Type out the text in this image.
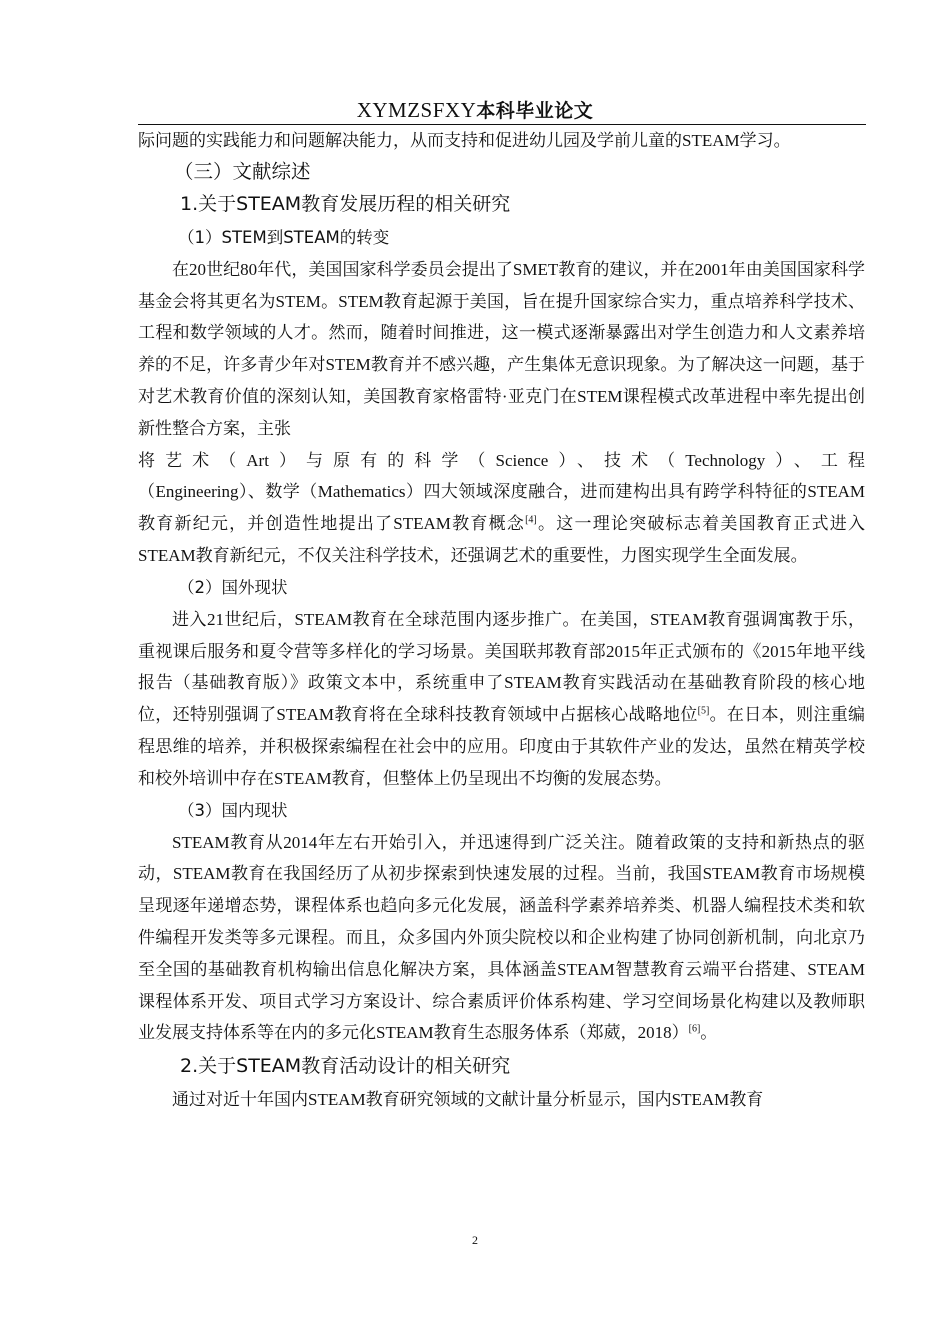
XYMZSFXY本科毕业论文

际问题的实践能力和问题解决能力，从而支持和促进幼儿园及学前儿童的STEAM学习。

（三）文献综述

1.关于STEAM教育发展历程的相关研究

（1）STEM到STEAM的转变

在20世纪80年代，美国国家科学委员会提出了SMET教育的建议，并在2001年由美国国家科学基金会将其更名为STEM。STEM教育起源于美国，旨在提升国家综合实力，重点培养科学技术、工程和数学领域的人才。然而，随着时间推进，这一模式逐渐暴露出对学生创造力和人文素养培养的不足，许多青少年对STEM教育并不感兴趣，产生集体无意识现象。为了解决这一问题，基于对艺术教育价值的深刻认知，美国教育家格雷特·亚克门在STEM课程模式改革进程中率先提出创新性整合方案，主张

将艺术（Art）与原有的科学（Science）、技术（Technology）、工程

（Engineering）、数学（Mathematics）四大领域深度融合，进而建构出具有跨学科特征的STEAM教育新纪元，并创造性地提出了STEAM教育概念[4]。这一理论突破标志着美国教育正式进入STEAM教育新纪元，不仅关注科学技术，还强调艺术的重要性，力图实现学生全面发展。

（2）国外现状

进入21世纪后，STEAM教育在全球范围内逐步推广。在美国，STEAM教育强调寓教于乐，重视课后服务和夏令营等多样化的学习场景。美国联邦教育部2015年正式颁布的《2015年地平线报告（基础教育版）》政策文本中，系统重申了STEAM教育实践活动在基础教育阶段的核心地位，还特别强调了STEAM教育将在全球科技教育领域中占据核心战略地位[5]。在日本，则注重编程思维的培养，并积极探索编程在社会中的应用。印度由于其软件产业的发达，虽然在精英学校和校外培训中存在STEAM教育，但整体上仍呈现出不均衡的发展态势。

（3）国内现状

STEAM教育从2014年左右开始引入，并迅速得到广泛关注。随着政策的支持和新热点的驱动，STEAM教育在我国经历了从初步探索到快速发展的过程。当前，我国STEAM教育市场规模呈现逐年递增态势，课程体系也趋向多元化发展，涵盖科学素养培养类、机器人编程技术类和软件编程开发类等多元课程。而且，众多国内外顶尖院校以和企业构建了协同创新机制，向北京乃至全国的基础教育机构输出信息化解决方案，具体涵盖STEAM智慧教育云端平台搭建、STEAM课程体系开发、项目式学习方案设计、综合素质评价体系构建、学习空间场景化构建以及教师职业发展支持体系等在内的多元化STEAM教育生态服务体系（郑葳，2018）[6]。

2.关于STEAM教育活动设计的相关研究

通过对近十年国内STEAM教育研究领域的文献计量分析显示，国内STEAM教育

2
